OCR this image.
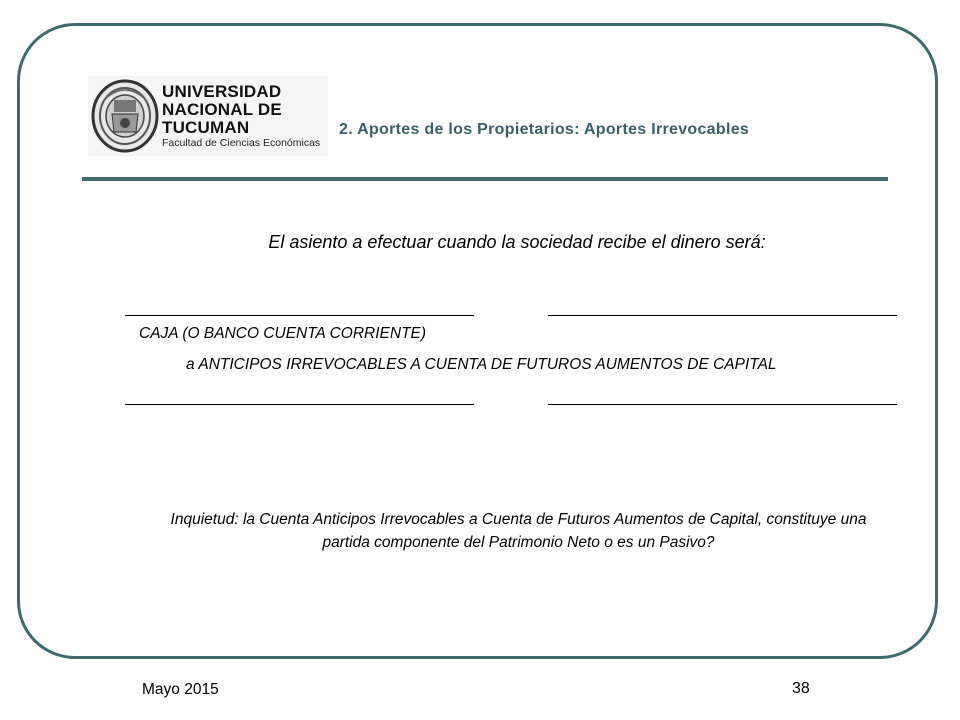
UNIVERSIDAD
NACIONAL DE
TUCUMAN
Facultad de Ciencias Económicas
2. Aportes de los Propietarios: Aportes Irrevocables
El asiento a efectuar cuando la sociedad recibe el dinero será:
CAJA (O BANCO CUENTA CORRIENTE)
a ANTICIPOS IRREVOCABLES A CUENTA DE FUTUROS AUMENTOS DE CAPITAL
Inquietud: la Cuenta Anticipos Irrevocables a Cuenta de Futuros Aumentos de Capital, constituye una
partida componente del Patrimonio Neto o es un Pasivo?
Mayo 2015	38
